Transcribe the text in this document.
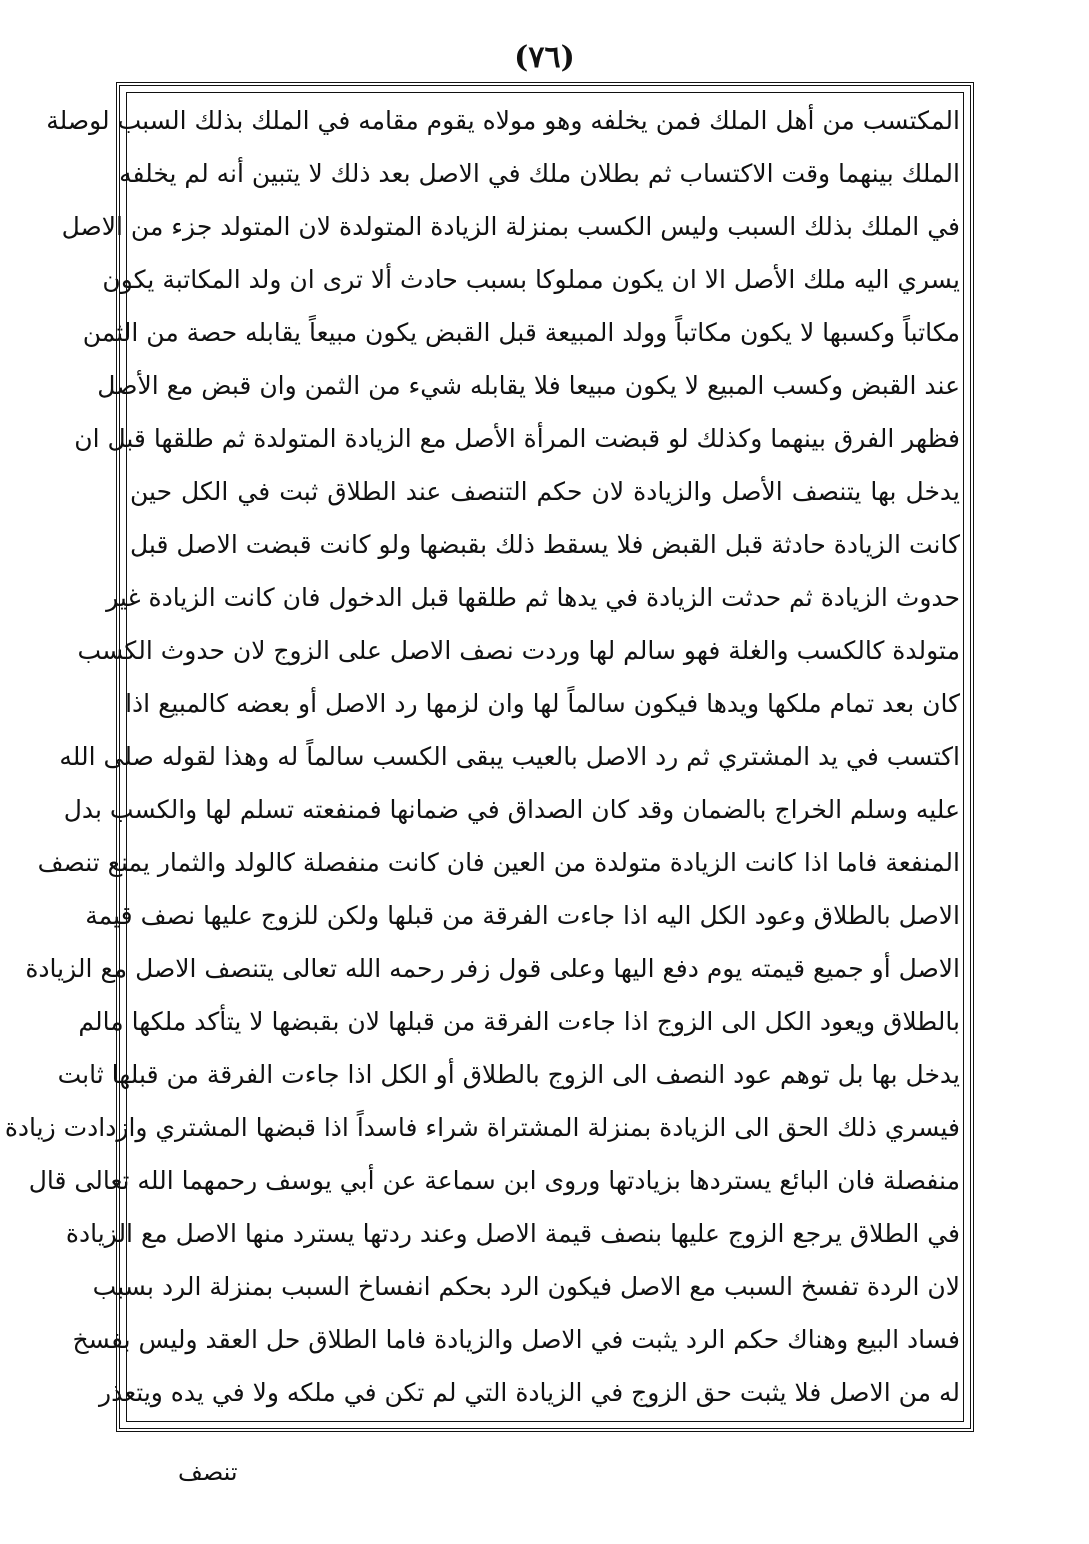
(٧٦)
المكتسب من أهل الملك فمن يخلفه وهو مولاه يقوم مقامه في الملك بذلك السبب لوصلة
الملك بينهما وقت الاكتساب ثم بطلان ملك في الاصل بعد ذلك لا يتبين أنه لم يخلفه
في الملك بذلك السبب وليس الكسب بمنزلة الزيادة المتولدة لان المتولد جزء من الاصل
يسري اليه ملك الأصل الا ان يكون مملوكا بسبب حادث ألا ترى ان ولد المكاتبة يكون
مكاتباً وكسبها لا يكون مكاتباً وولد المبيعة قبل القبض يكون مبيعاً يقابله حصة من الثمن
عند القبض وكسب المبيع لا يكون مبيعا فلا يقابله شيء من الثمن وان قبض مع الأصل
فظهر الفرق بينهما وكذلك لو قبضت المرأة الأصل مع الزيادة المتولدة ثم طلقها قبل ان
يدخل بها يتنصف الأصل والزيادة لان حكم التنصف عند الطلاق ثبت في الكل حين
كانت الزيادة حادثة قبل القبض فلا يسقط ذلك بقبضها ولو كانت قبضت الاصل قبل
حدوث الزيادة ثم حدثت الزيادة في يدها ثم طلقها قبل الدخول فان كانت الزيادة غير
متولدة كالكسب والغلة فهو سالم لها وردت نصف الاصل على الزوج لان حدوث الكسب
كان بعد تمام ملكها ويدها فيكون سالماً لها وان لزمها رد الاصل أو بعضه كالمبيع اذا
اكتسب في يد المشتري ثم رد الاصل بالعيب يبقى الكسب سالماً له وهذا لقوله صلى الله
عليه وسلم الخراج بالضمان وقد كان الصداق في ضمانها فمنفعته تسلم لها والكسب بدل
المنفعة فاما اذا كانت الزيادة متولدة من العين فان كانت منفصلة كالولد والثمار يمنع تنصف
الاصل بالطلاق وعود الكل اليه اذا جاءت الفرقة من قبلها ولكن للزوج عليها نصف قيمة
الاصل أو جميع قيمته يوم دفع اليها وعلى قول زفر رحمه الله تعالى يتنصف الاصل مع الزيادة
بالطلاق ويعود الكل الى الزوج اذا جاءت الفرقة من قبلها لان بقبضها لا يتأكد ملكها مالم
يدخل بها بل توهم عود النصف الى الزوج بالطلاق أو الكل اذا جاءت الفرقة من قبلها ثابت
فيسري ذلك الحق الى الزيادة بمنزلة المشتراة شراء فاسداً اذا قبضها المشتري وازدادت زيادة
منفصلة فان البائع يستردها بزيادتها وروى ابن سماعة عن أبي يوسف رحمهما الله تعالى قال
في الطلاق يرجع الزوج عليها بنصف قيمة الاصل وعند ردتها يسترد منها الاصل مع الزيادة
لان الردة تفسخ السبب مع الاصل فيكون الرد بحكم انفساخ السبب بمنزلة الرد بسبب
فساد البيع وهناك حكم الرد يثبت في الاصل والزيادة فاما الطلاق حل العقد وليس بفسخ
له من الاصل فلا يثبت حق الزوج في الزيادة التي لم تكن في ملكه ولا في يده ويتعذر
تنصف
